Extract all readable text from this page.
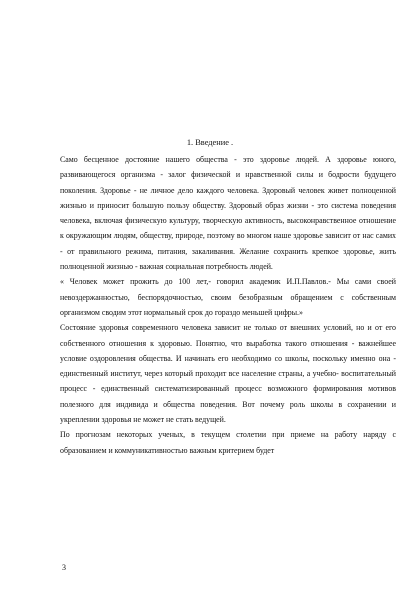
1. Введение .

Само бесценное достояние нашего общества - это здоровье людей. А здоровье юного, развивающегося организма - залог физической и нравственной силы и бодрости будущего поколения. Здоровье - не личное дело каждого человека. Здоровый человек живет полноценной жизнью и приносит большую пользу обществу. Здоровый образ жизни - это система поведения человека, включая физическую культуру, творческую активность, высоконравственное отношение к окружающим людям, обществу, природе, поэтому во многом наше здоровье зависит от нас самих - от правильного режима, питания, закаливания. Желание сохранить крепкое здоровье, жить полноценной жизнью - важная социальная потребность людей.

« Человек может прожить до 100 лет,- говорил академик И.П.Павлов.- Мы сами своей невоздержанностью, беспорядочностью, своим безобразным обращением с собственным организмом сводим этот нормальный срок до гораздо меньшей цифры.»

Состояние здоровья современного человека зависит не только от внешних условий, но и от его собственного отношения к здоровью. Понятно, что выработка такого отношения - важнейшее условие оздоровления общества. И начинать его необходимо со школы, поскольку именно она - единственный институт, через который проходит все население страны, а учебно- воспитательный процесс - единственный систематизированный процесс возможного формирования мотивов полезного для индивида и общества поведения. Вот почему роль школы в сохранении и укреплении здоровья не может не стать ведущей.

По прогнозам некоторых ученых, в текущем столетии при приеме на работу наряду с образованием и коммуникативностью важным критерием будет

3
